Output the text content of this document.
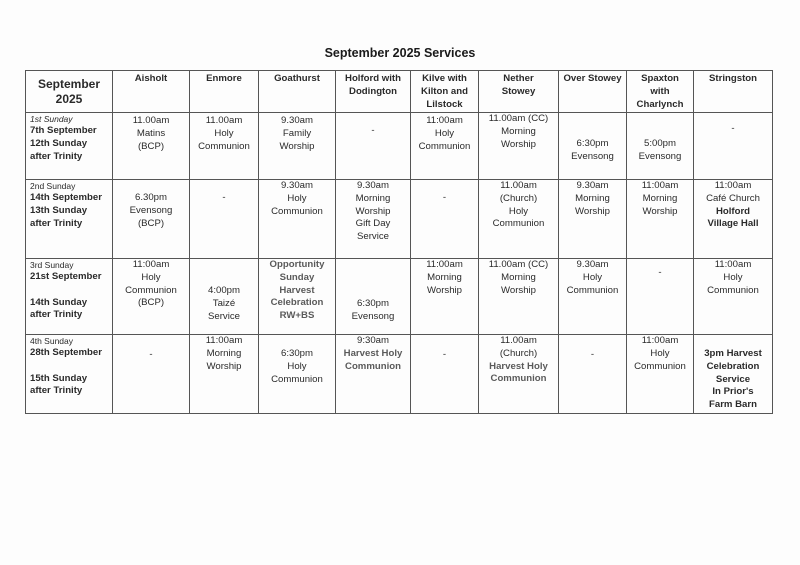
September 2025 Services
September
2025	Aisholt	Enmore	Goathurst	Holford with
Dodington	Kilve with
Kilton and
Lilstock	Nether
Stowey	Over Stowey	Spaxton
with
Charlynch	Stringston

1st Sunday
7th September
12th Sunday
after Trinity	11.00am
Matins
(BCP)	11.00am
Holy
Communion	9.30am
Family
Worship	-	11:00am
Holy
Communion	11.00am (CC)
Morning
Worship	6:30pm
Evensong	5:00pm
Evensong	-

2nd Sunday
14th September
13th Sunday
after Trinity	6.30pm
Evensong
(BCP)	-	9.30am
Holy
Communion	9.30am
Morning
Worship
Gift Day
Service	-	11.00am
(Church)
Holy
Communion	9.30am
Morning
Worship	11:00am
Morning
Worship	11:00am
Café Church
Holford
Village Hall

3rd Sunday
21st September
14th Sunday
after Trinity	11:00am
Holy
Communion
(BCP)	4:00pm
Taizé
Service	Opportunity
Sunday
Harvest
Celebration
RW+BS	6:30pm
Evensong	11:00am
Morning
Worship	11.00am (CC)
Morning
Worship	9.30am
Holy
Communion	-	11:00am
Holy
Communion

4th Sunday
28th September
15th Sunday
after Trinity	-	11:00am
Morning
Worship	6:30pm
Holy
Communion	9:30am
Harvest Holy
Communion	-	11.00am
(Church)
Harvest Holy
Communion	-	11:00am
Holy
Communion	3pm Harvest
Celebration
Service
In Prior's
Farm Barn
